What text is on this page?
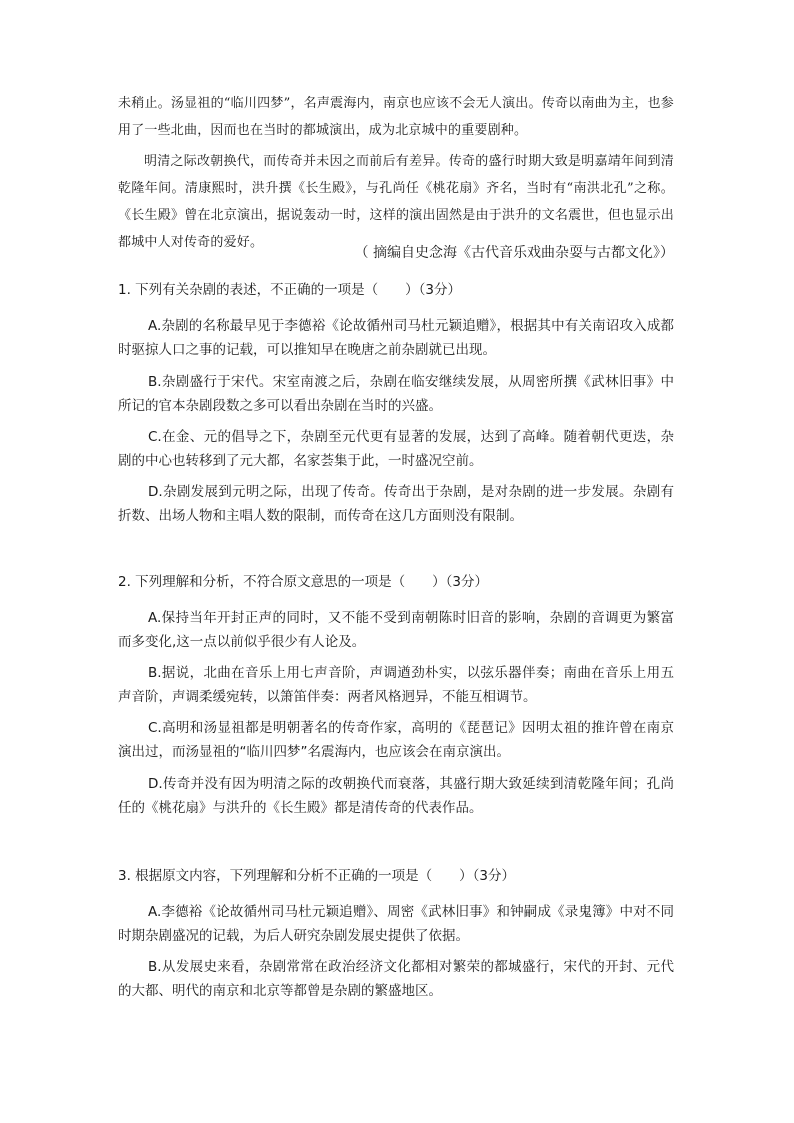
未稍止。汤显祖的“临川四梦”，名声震海内，南京也应该不会无人演出。传奇以南曲为主，也参用了一些北曲，因而也在当时的都城演出，成为北京城中的重要剧种。

明清之际改朝换代，而传奇并未因之而前后有差异。传奇的盛行时期大致是明嘉靖年间到清乾隆年间。清康熙时，洪升撰《长生殿》，与孔尚任《桃花扇》齐名，当时有“南洪北孔”之称。《长生殿》曾在北京演出，据说轰动一时，这样的演出固然是由于洪升的文名震世，但也显示出都城中人对传奇的爱好。

（ 摘编自史念海《古代音乐戏曲杂耍与古都文化》）

1. 下列有关杂剧的表述，不正确的一项是（　　）（3分）

A.杂剧的名称最早见于李德裕《论故循州司马杜元颖追赠》，根据其中有关南诏攻入成都时驱掠人口之事的记载，可以推知早在晚唐之前杂剧就已出现。

B.杂剧盛行于宋代。宋室南渡之后，杂剧在临安继续发展，从周密所撰《武林旧事》中所记的官本杂剧段数之多可以看出杂剧在当时的兴盛。

C.在金、元的倡导之下，杂剧至元代更有显著的发展，达到了高峰。随着朝代更迭，杂剧的中心也转移到了元大都，名家荟集于此，一时盛况空前。

D.杂剧发展到元明之际，出现了传奇。传奇出于杂剧，是对杂剧的进一步发展。杂剧有折数、出场人物和主唱人数的限制，而传奇在这几方面则没有限制。

2. 下列理解和分析，不符合原文意思的一项是（　　）（3分）

A.保持当年开封正声的同时，又不能不受到南朝陈时旧音的影响，杂剧的音调更为繁富而多变化,这一点以前似乎很少有人论及。

B.据说，北曲在音乐上用七声音阶，声调遒劲朴实，以弦乐器伴奏；南曲在音乐上用五声音阶，声调柔缓宛转，以箫笛伴奏：两者风格迥异，不能互相调节。

C.高明和汤显祖都是明朝著名的传奇作家，高明的《琵琶记》因明太祖的推许曾在南京演出过，而汤显祖的“临川四梦”名震海内，也应该会在南京演出。

D.传奇并没有因为明清之际的改朝换代而衰落，其盛行期大致延续到清乾隆年间；孔尚任的《桃花扇》与洪升的《长生殿》都是清传奇的代表作品。

3. 根据原文内容，下列理解和分析不正确的一项是（　　）（3分）

A.李德裕《论故循州司马杜元颖追赠》、周密《武林旧事》和钟嗣成《录鬼簿》中对不同时期杂剧盛况的记载，为后人研究杂剧发展史提供了依据。

B.从发展史来看，杂剧常常在政治经济文化都相对繁荣的都城盛行，宋代的开封、元代的大都、明代的南京和北京等都曾是杂剧的繁盛地区。
